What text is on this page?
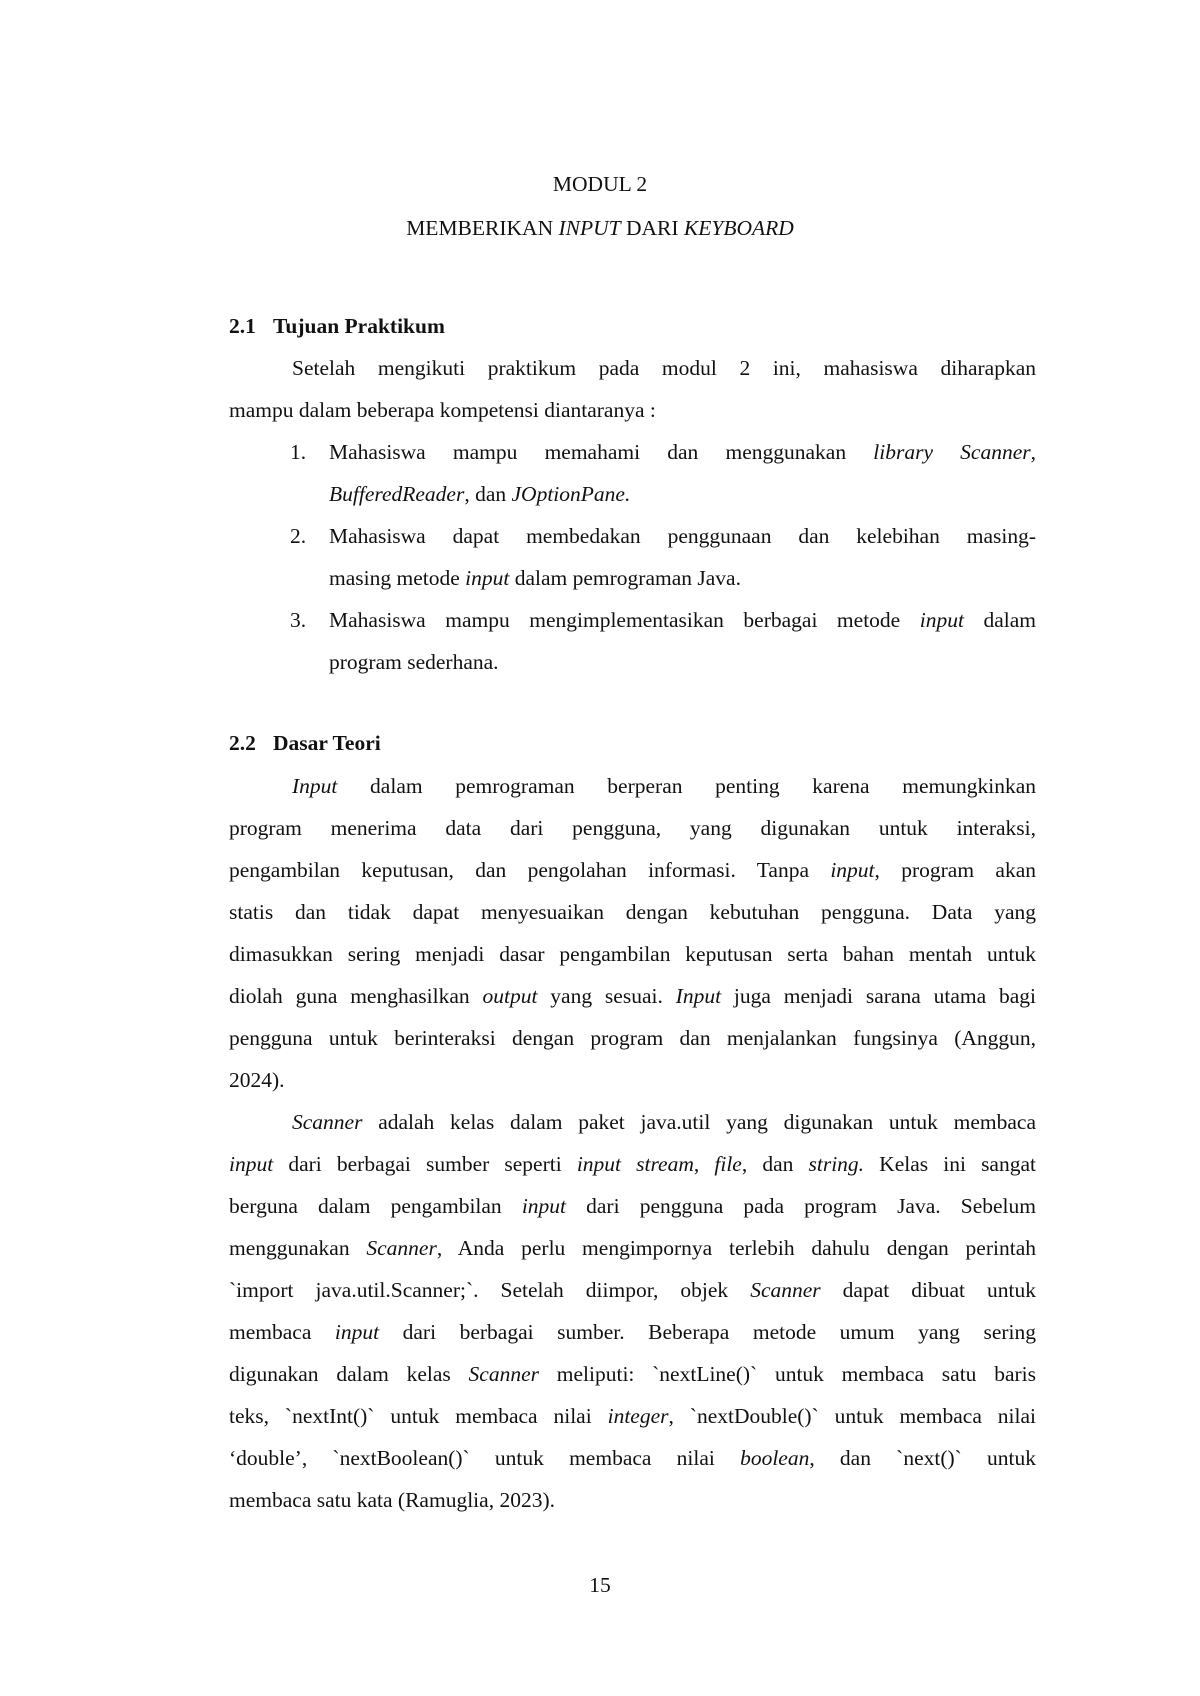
MODUL 2
MEMBERIKAN INPUT DARI KEYBOARD
2.1 Tujuan Praktikum
Setelah mengikuti praktikum pada modul 2 ini, mahasiswa diharapkan
mampu dalam beberapa kompetensi diantaranya :
1.	Mahasiswa mampu memahami dan menggunakan library Scanner,
BufferedReader, dan JOptionPane.
2.	Mahasiswa dapat membedakan penggunaan dan kelebihan masing-
masing metode input dalam pemrograman Java.
3.	Mahasiswa mampu mengimplementasikan berbagai metode input dalam
program sederhana.
2.2 Dasar Teori
Input dalam pemrograman berperan penting karena memungkinkan
program menerima data dari pengguna, yang digunakan untuk interaksi,
pengambilan keputusan, dan pengolahan informasi. Tanpa input, program akan
statis dan tidak dapat menyesuaikan dengan kebutuhan pengguna. Data yang
dimasukkan sering menjadi dasar pengambilan keputusan serta bahan mentah untuk
diolah guna menghasilkan output yang sesuai. Input juga menjadi sarana utama bagi
pengguna untuk berinteraksi dengan program dan menjalankan fungsinya (Anggun,
2024).
Scanner adalah kelas dalam paket java.util yang digunakan untuk membaca
input dari berbagai sumber seperti input stream, file, dan string. Kelas ini sangat
berguna dalam pengambilan input dari pengguna pada program Java. Sebelum
menggunakan Scanner, Anda perlu mengimpornya terlebih dahulu dengan perintah
`import java.util.Scanner;`. Setelah diimpor, objek Scanner dapat dibuat untuk
membaca input dari berbagai sumber. Beberapa metode umum yang sering
digunakan dalam kelas Scanner meliputi: `nextLine()` untuk membaca satu baris
teks, `nextInt()` untuk membaca nilai integer, `nextDouble()` untuk membaca nilai
‘double’, `nextBoolean()` untuk membaca nilai boolean, dan `next()` untuk
membaca satu kata (Ramuglia, 2023).
15
